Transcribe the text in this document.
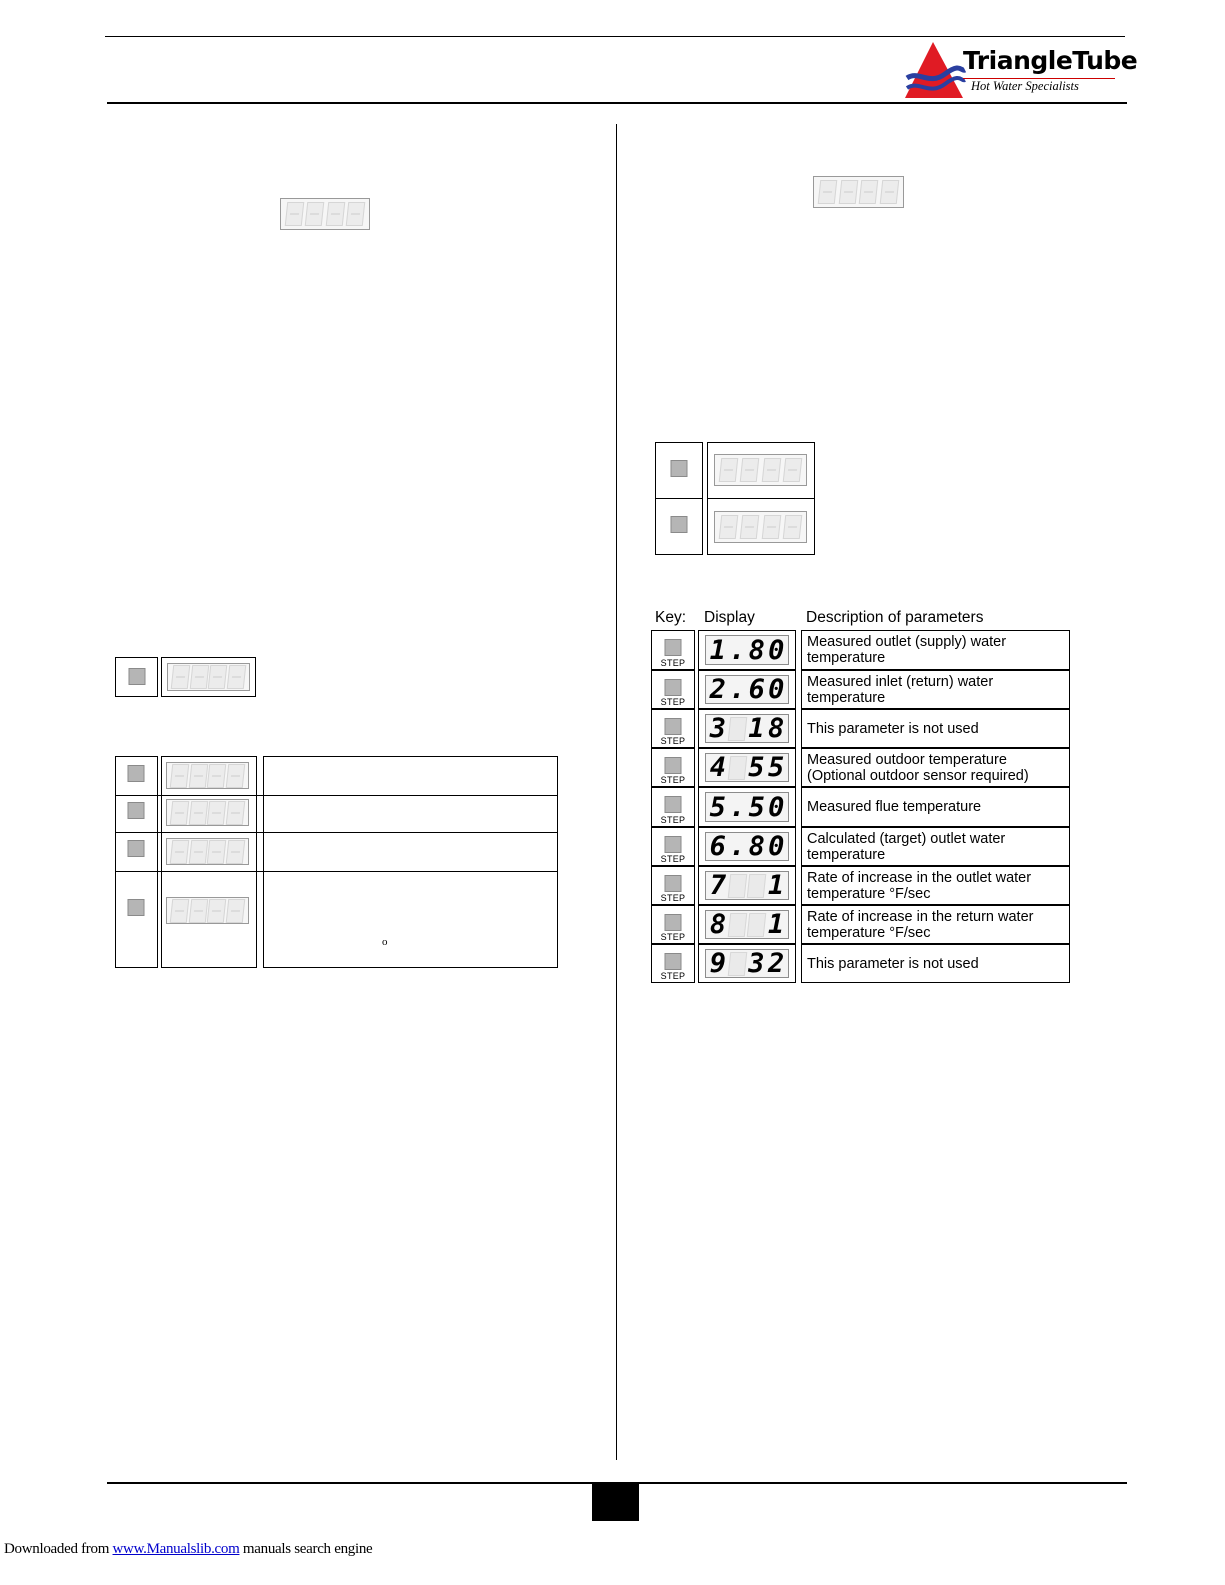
TriangleTube
Hot Water Specialists
o
Key: Display	Description of parameters
STEP 1 . 8 0 Measured outlet (supply) water temperature
STEP 2 . 6 0 Measured inlet (return) water temperature
STEP 3 1 8 This parameter is not used
STEP 4 5 5 Measured outdoor temperature (Optional outdoor sensor required)
STEP 5 . 5 0 Measured flue temperature
STEP 6 . 8 0 Calculated (target) outlet water temperature
STEP 7 1 Rate of increase in the outlet water temperature °F/sec
STEP 8 1 Rate of increase in the return water temperature °F/sec
STEP 9 3 2 This parameter is not used
Downloaded from www.Manualslib.com manuals search engine
